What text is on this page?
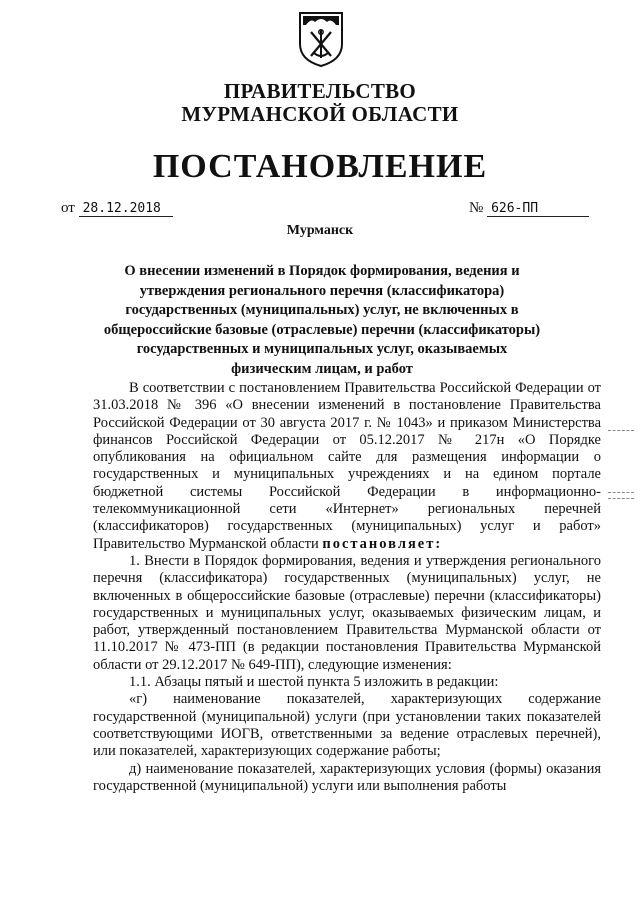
ПРАВИТЕЛЬСТВО
МУРМАНСКОЙ ОБЛАСТИ
ПОСТАНОВЛЕНИЕ
от 28.12.2018	№ 626-ПП
Мурманск
О внесении изменений в Порядок формирования, ведения и утверждения регионального перечня (классификатора) государственных (муниципальных) услуг, не включенных в общероссийские базовые (отраслевые) перечни (классификаторы) государственных и муниципальных услуг, оказываемых физическим лицам, и работ

В соответствии с постановлением Правительства Российской Федерации от 31.03.2018 № 396 «О внесении изменений в постановление Правительства Российской Федерации от 30 августа 2017 г. № 1043» и приказом Министерства финансов Российской Федерации от 05.12.2017 № 217н «О Порядке опубликования на официальном сайте для размещения информации о государственных и муниципальных учреждениях и на едином портале бюджетной системы Российской Федерации в информационно-телекоммуникационной сети «Интернет» региональных перечней (классификаторов) государственных (муниципальных) услуг и работ» Правительство Мурманской области постановляет:

1. Внести в Порядок формирования, ведения и утверждения регионального перечня (классификатора) государственных (муниципальных) услуг, не включенных в общероссийские базовые (отраслевые) перечни (классификаторы) государственных и муниципальных услуг, оказываемых физическим лицам, и работ, утвержденный постановлением Правительства Мурманской области от 11.10.2017 № 473-ПП (в редакции постановления Правительства Мурманской области от 29.12.2017 № 649-ПП), следующие изменения:

1.1. Абзацы пятый и шестой пункта 5 изложить в редакции:

«г) наименование показателей, характеризующих содержание государственной (муниципальной) услуги (при установлении таких показателей соответствующими ИОГВ, ответственными за ведение отраслевых перечней), или показателей, характеризующих содержание работы;

д) наименование показателей, характеризующих условия (формы) оказания государственной (муниципальной) услуги или выполнения работы
